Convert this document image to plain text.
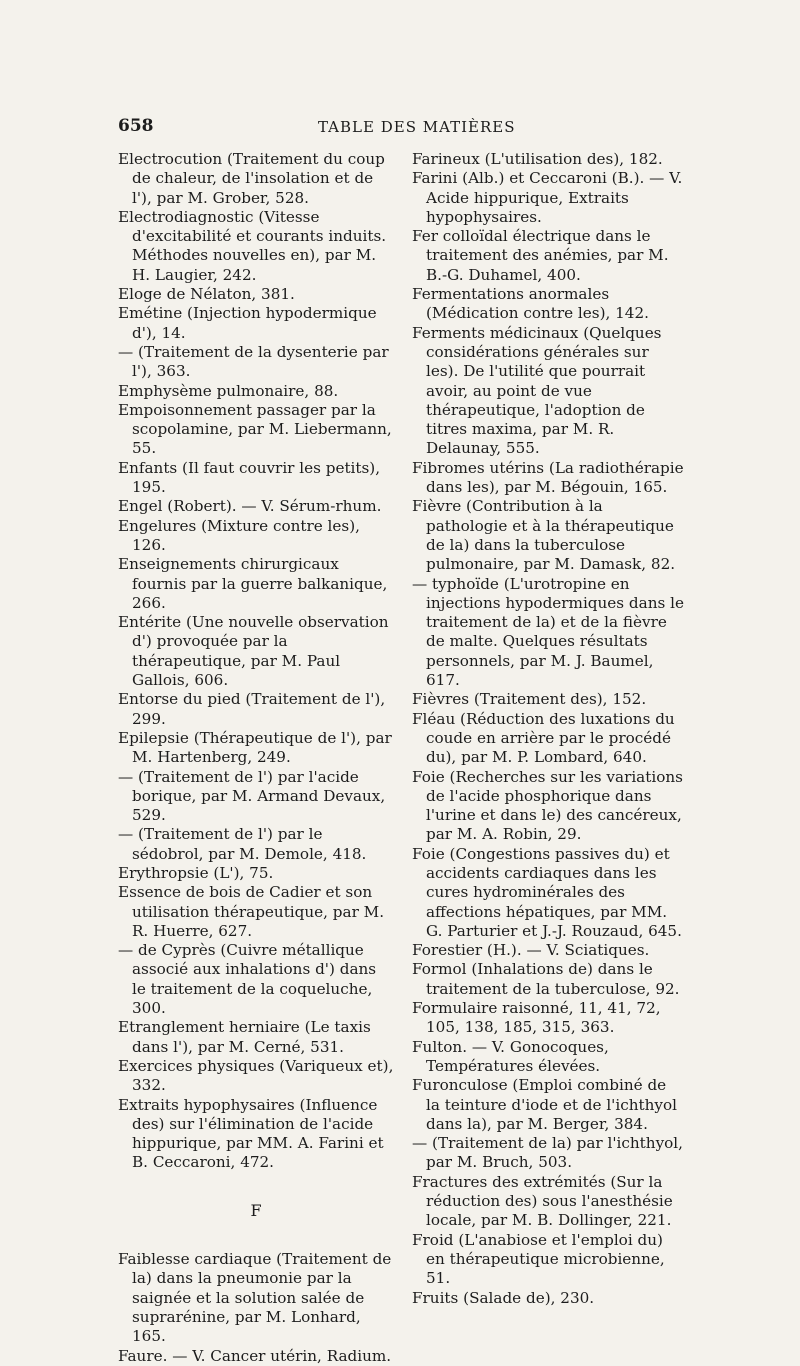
658	TABLE DES MATIÈRES

Electrocution (Traitement du coup de chaleur, de l'insolation et de l'), par M. Grober, 528.

Electrodiagnostic (Vitesse d'excitabilité et courants induits. Méthodes nouvelles en), par M. H. Laugier, 242.

Eloge de Nélaton, 381.

Emétine (Injection hypodermique d'), 14.

— (Traitement de la dysenterie par l'), 363.

Emphysème pulmonaire, 88.

Empoisonnement passager par la scopolamine, par M. Liebermann, 55.

Enfants (Il faut couvrir les petits), 195.

Engel (Robert). — V. Sérum-rhum.

Engelures (Mixture contre les), 126.

Enseignements chirurgicaux fournis par la guerre balkanique, 266.

Entérite (Une nouvelle observation d') provoquée par la thérapeutique, par M. Paul Gallois, 606.

Entorse du pied (Traitement de l'), 299.

Epilepsie (Thérapeutique de l'), par M. Hartenberg, 249.

— (Traitement de l') par l'acide borique, par M. Armand Devaux, 529.

— (Traitement de l') par le sédobrol, par M. Demole, 418.

Erythropsie (L'), 75.

Essence de bois de Cadier et son utilisation thérapeutique, par M. R. Huerre, 627.

— de Cyprès (Cuivre métallique associé aux inhalations d') dans le traitement de la coqueluche, 300.

Etranglement herniaire (Le taxis dans l'), par M. Cerné, 531.

Exercices physiques (Variqueux et), 332.

Extraits hypophysaires (Influence des) sur l'élimination de l'acide hippurique, par MM. A. Farini et B. Ceccaroni, 472.

F

Faiblesse cardiaque (Traitement de la) dans la pneumonie par la saignée et la solution salée de suprarénine, par M. Lonhard, 165.

Faure. — V. Cancer utérin, Radium.

Farineux (L'utilisation des), 182.

Farini (Alb.) et Ceccaroni (B.). — V. Acide hippurique, Extraits hypophysaires.

Fer colloïdal électrique dans le traitement des anémies, par M. B.-G. Duhamel, 400.

Fermentations anormales (Médication contre les), 142.

Ferments médicinaux (Quelques considérations générales sur les). De l'utilité que pourrait avoir, au point de vue thérapeutique, l'adoption de titres maxima, par M. R. Delaunay, 555.

Fibromes utérins (La radiothérapie dans les), par M. Bégouin, 165.

Fièvre (Contribution à la pathologie et à la thérapeutique de la) dans la tuberculose pulmonaire, par M. Damask, 82.

— typhoïde (L'urotropine en injections hypodermiques dans le traitement de la) et de la fièvre de malte. Quelques résultats personnels, par M. J. Baumel, 617.

Fièvres (Traitement des), 152.

Fléau (Réduction des luxations du coude en arrière par le procédé du), par M. P. Lombard, 640.

Foie (Recherches sur les variations de l'acide phosphorique dans l'urine et dans le) des cancéreux, par M. A. Robin, 29.

Foie (Congestions passives du) et accidents cardiaques dans les cures hydrominérales des affections hépatiques, par MM. G. Parturier et J.-J. Rouzaud, 645.

Forestier (H.). — V. Sciatiques.

Formol (Inhalations de) dans le traitement de la tuberculose, 92.

Formulaire raisonné, 11, 41, 72, 105, 138, 185, 315, 363.

Fulton. — V. Gonocoques, Températures élevées.

Furonculose (Emploi combiné de la teinture d'iode et de l'ichthyol dans la), par M. Berger, 384.

— (Traitement de la) par l'ichthyol, par M. Bruch, 503.

Fractures des extrémités (Sur la réduction des) sous l'anesthésie locale, par M. B. Dollinger, 221.

Froid (L'anabiose et l'emploi du) en thérapeutique microbienne, 51.

Fruits (Salade de), 230.
